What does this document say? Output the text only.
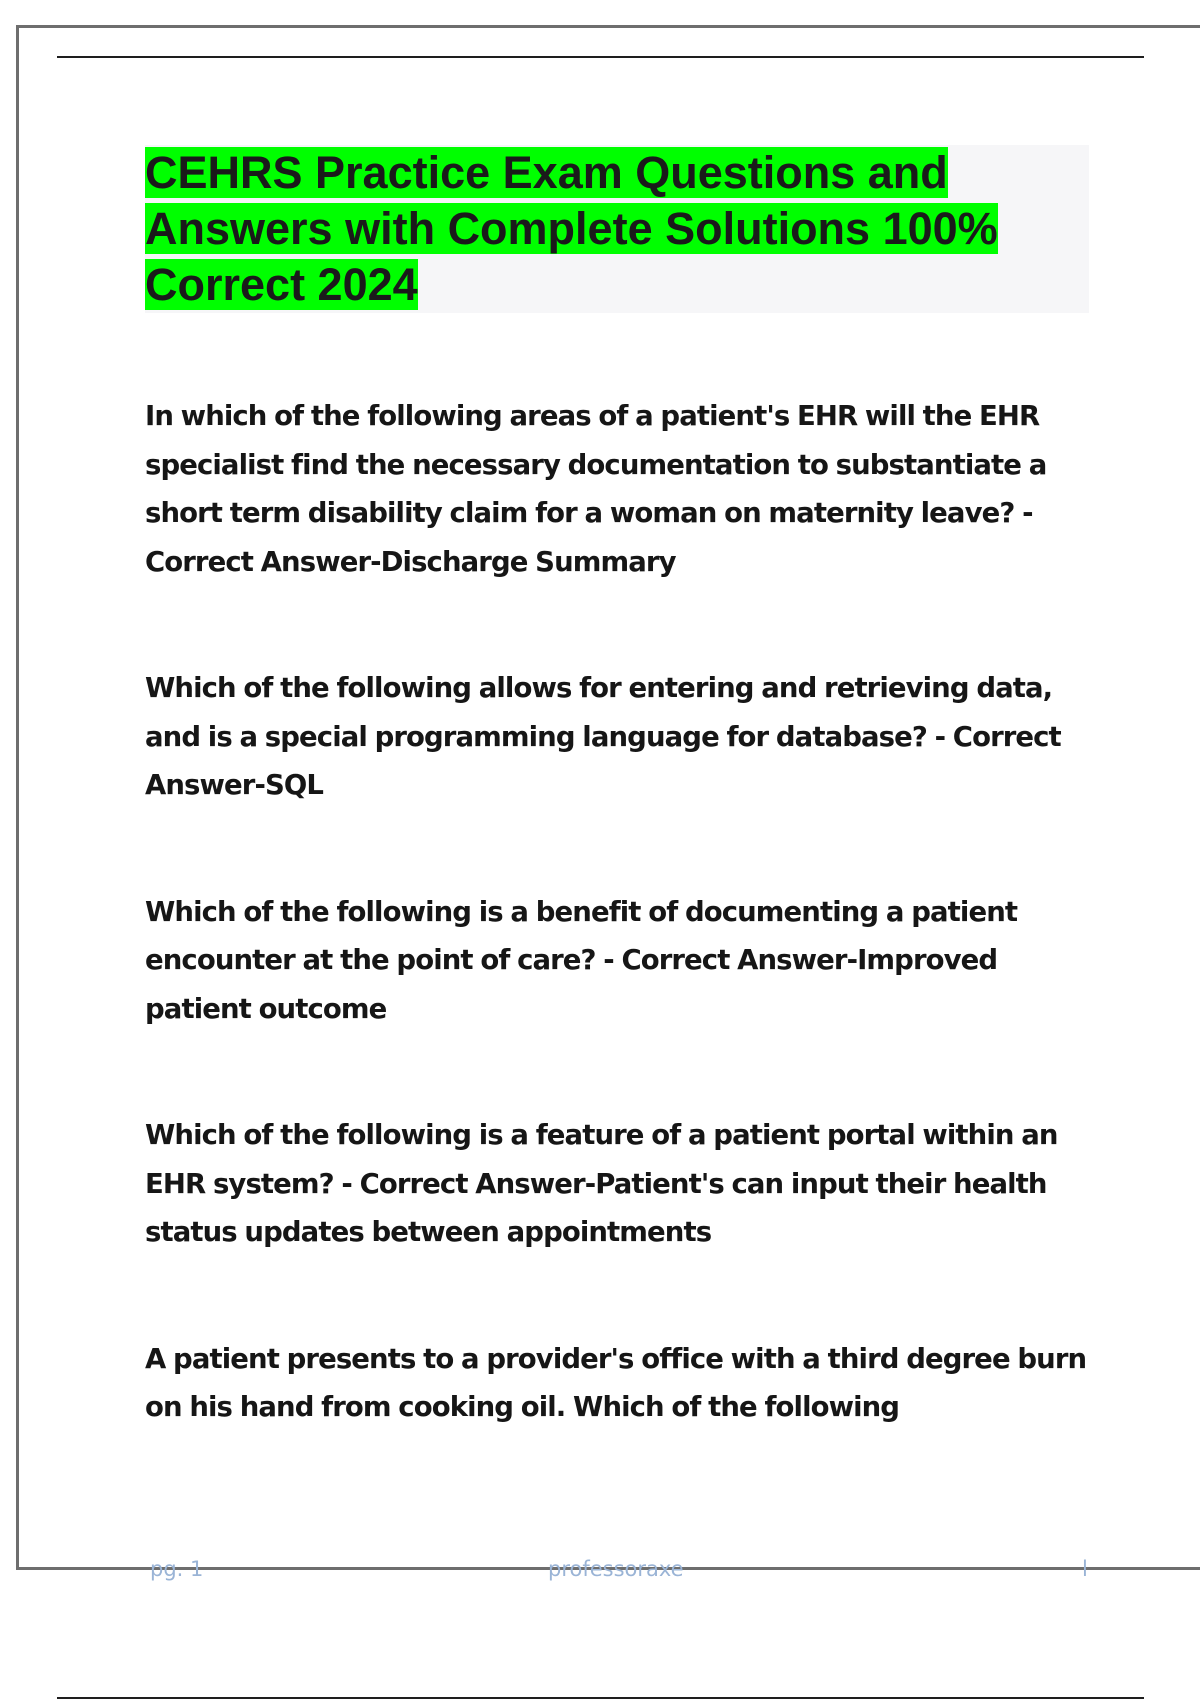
CEHRS Practice Exam Questions and Answers with Complete Solutions 100% Correct 2024

In which of the following areas of a patient's EHR will the EHR specialist find the necessary documentation to substantiate a short term disability claim for a woman on maternity leave? - Correct Answer-Discharge Summary

Which of the following allows for entering and retrieving data, and is a special programming language for database? - Correct Answer-SQL

Which of the following is a benefit of documenting a patient encounter at the point of care? - Correct Answer-Improved patient outcome

Which of the following is a feature of a patient portal within an EHR system? - Correct Answer-Patient's can input their health status updates between appointments

A patient presents to a provider's office with a third degree burn on his hand from cooking oil. Which of the following

pg. 1	professoraxe	l
